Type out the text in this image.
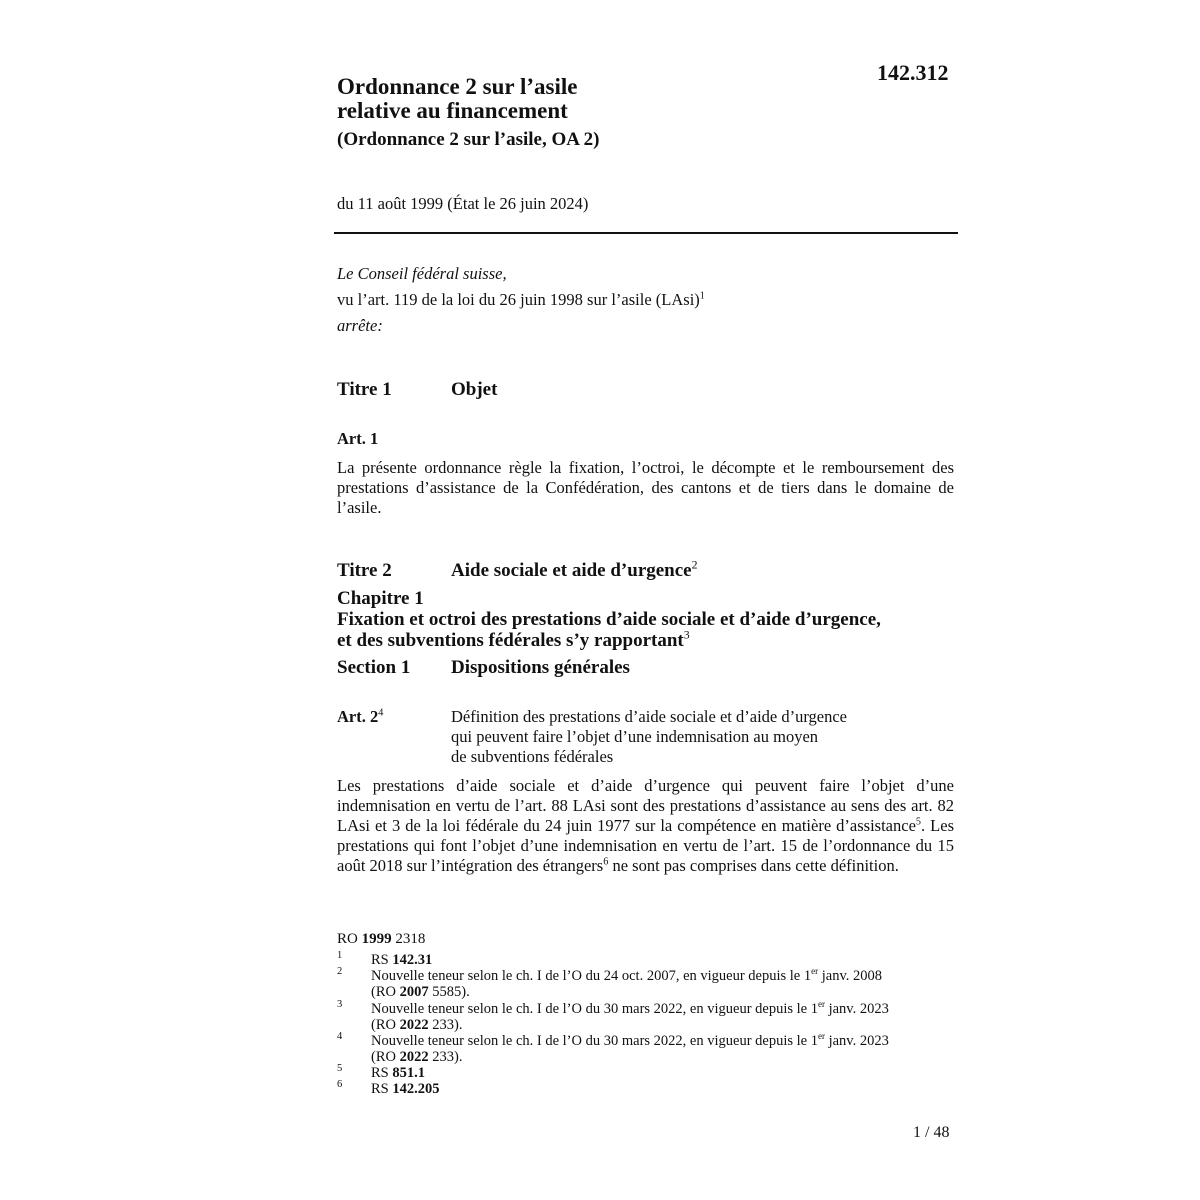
142.312
Ordonnance 2 sur l’asile
relative au financement
(Ordonnance 2 sur l’asile, OA 2)
du 11 août 1999 (État le 26 juin 2024)
Le Conseil fédéral suisse,
vu l’art. 119 de la loi du 26 juin 1998 sur l’asile (LAsi)$^1$
arrête:
Titre 1	Objet
Art. 1
La présente ordonnance règle la fixation, l’octroi, le décompte et le remboursement des prestations d’assistance de la Confédération, des cantons et de tiers dans le domaine de l’asile.
Titre 2	Aide sociale et aide d’urgence$^2$
Chapitre 1
Fixation et octroi des prestations d’aide sociale et d’aide d’urgence,
et des subventions fédérales s’y rapportant$^3$
Section 1 Dispositions générales
Art. $2^4$	Définition des prestations d’aide sociale et d’aide d’urgence
qui peuvent faire l’objet d’une indemnisation au moyen
de subventions fédérales
Les prestations d’aide sociale et d’aide d’urgence qui peuvent faire l’objet d’une indemnisation en vertu de l’art. 88 LAsi sont des prestations d’assistance au sens des art. 82 LAsi et 3 de la loi fédérale du 24 juin 1977 sur la compétence en matière d’assistance$^5$. Les prestations qui font l’objet d’une indemnisation en vertu de l’art. 15 de l’ordonnance du 15 août 2018 sur l’intégration des étrangers$^6$ ne sont pas comprises dans cette définition.
RO 1999 2318
1 RS 142.31
2 Nouvelle teneur selon le ch. I de l’O du 24 oct. 2007, en vigueur depuis le 1er janv. 2008
(RO 2007 5585).
3 Nouvelle teneur selon le ch. I de l’O du 30 mars 2022, en vigueur depuis le 1er janv. 2023
(RO 2022 233).
4 Nouvelle teneur selon le ch. I de l’O du 30 mars 2022, en vigueur depuis le 1er janv. 2023
(RO 2022 233).
5 RS 851.1
6 RS 142.205
1 / 48
